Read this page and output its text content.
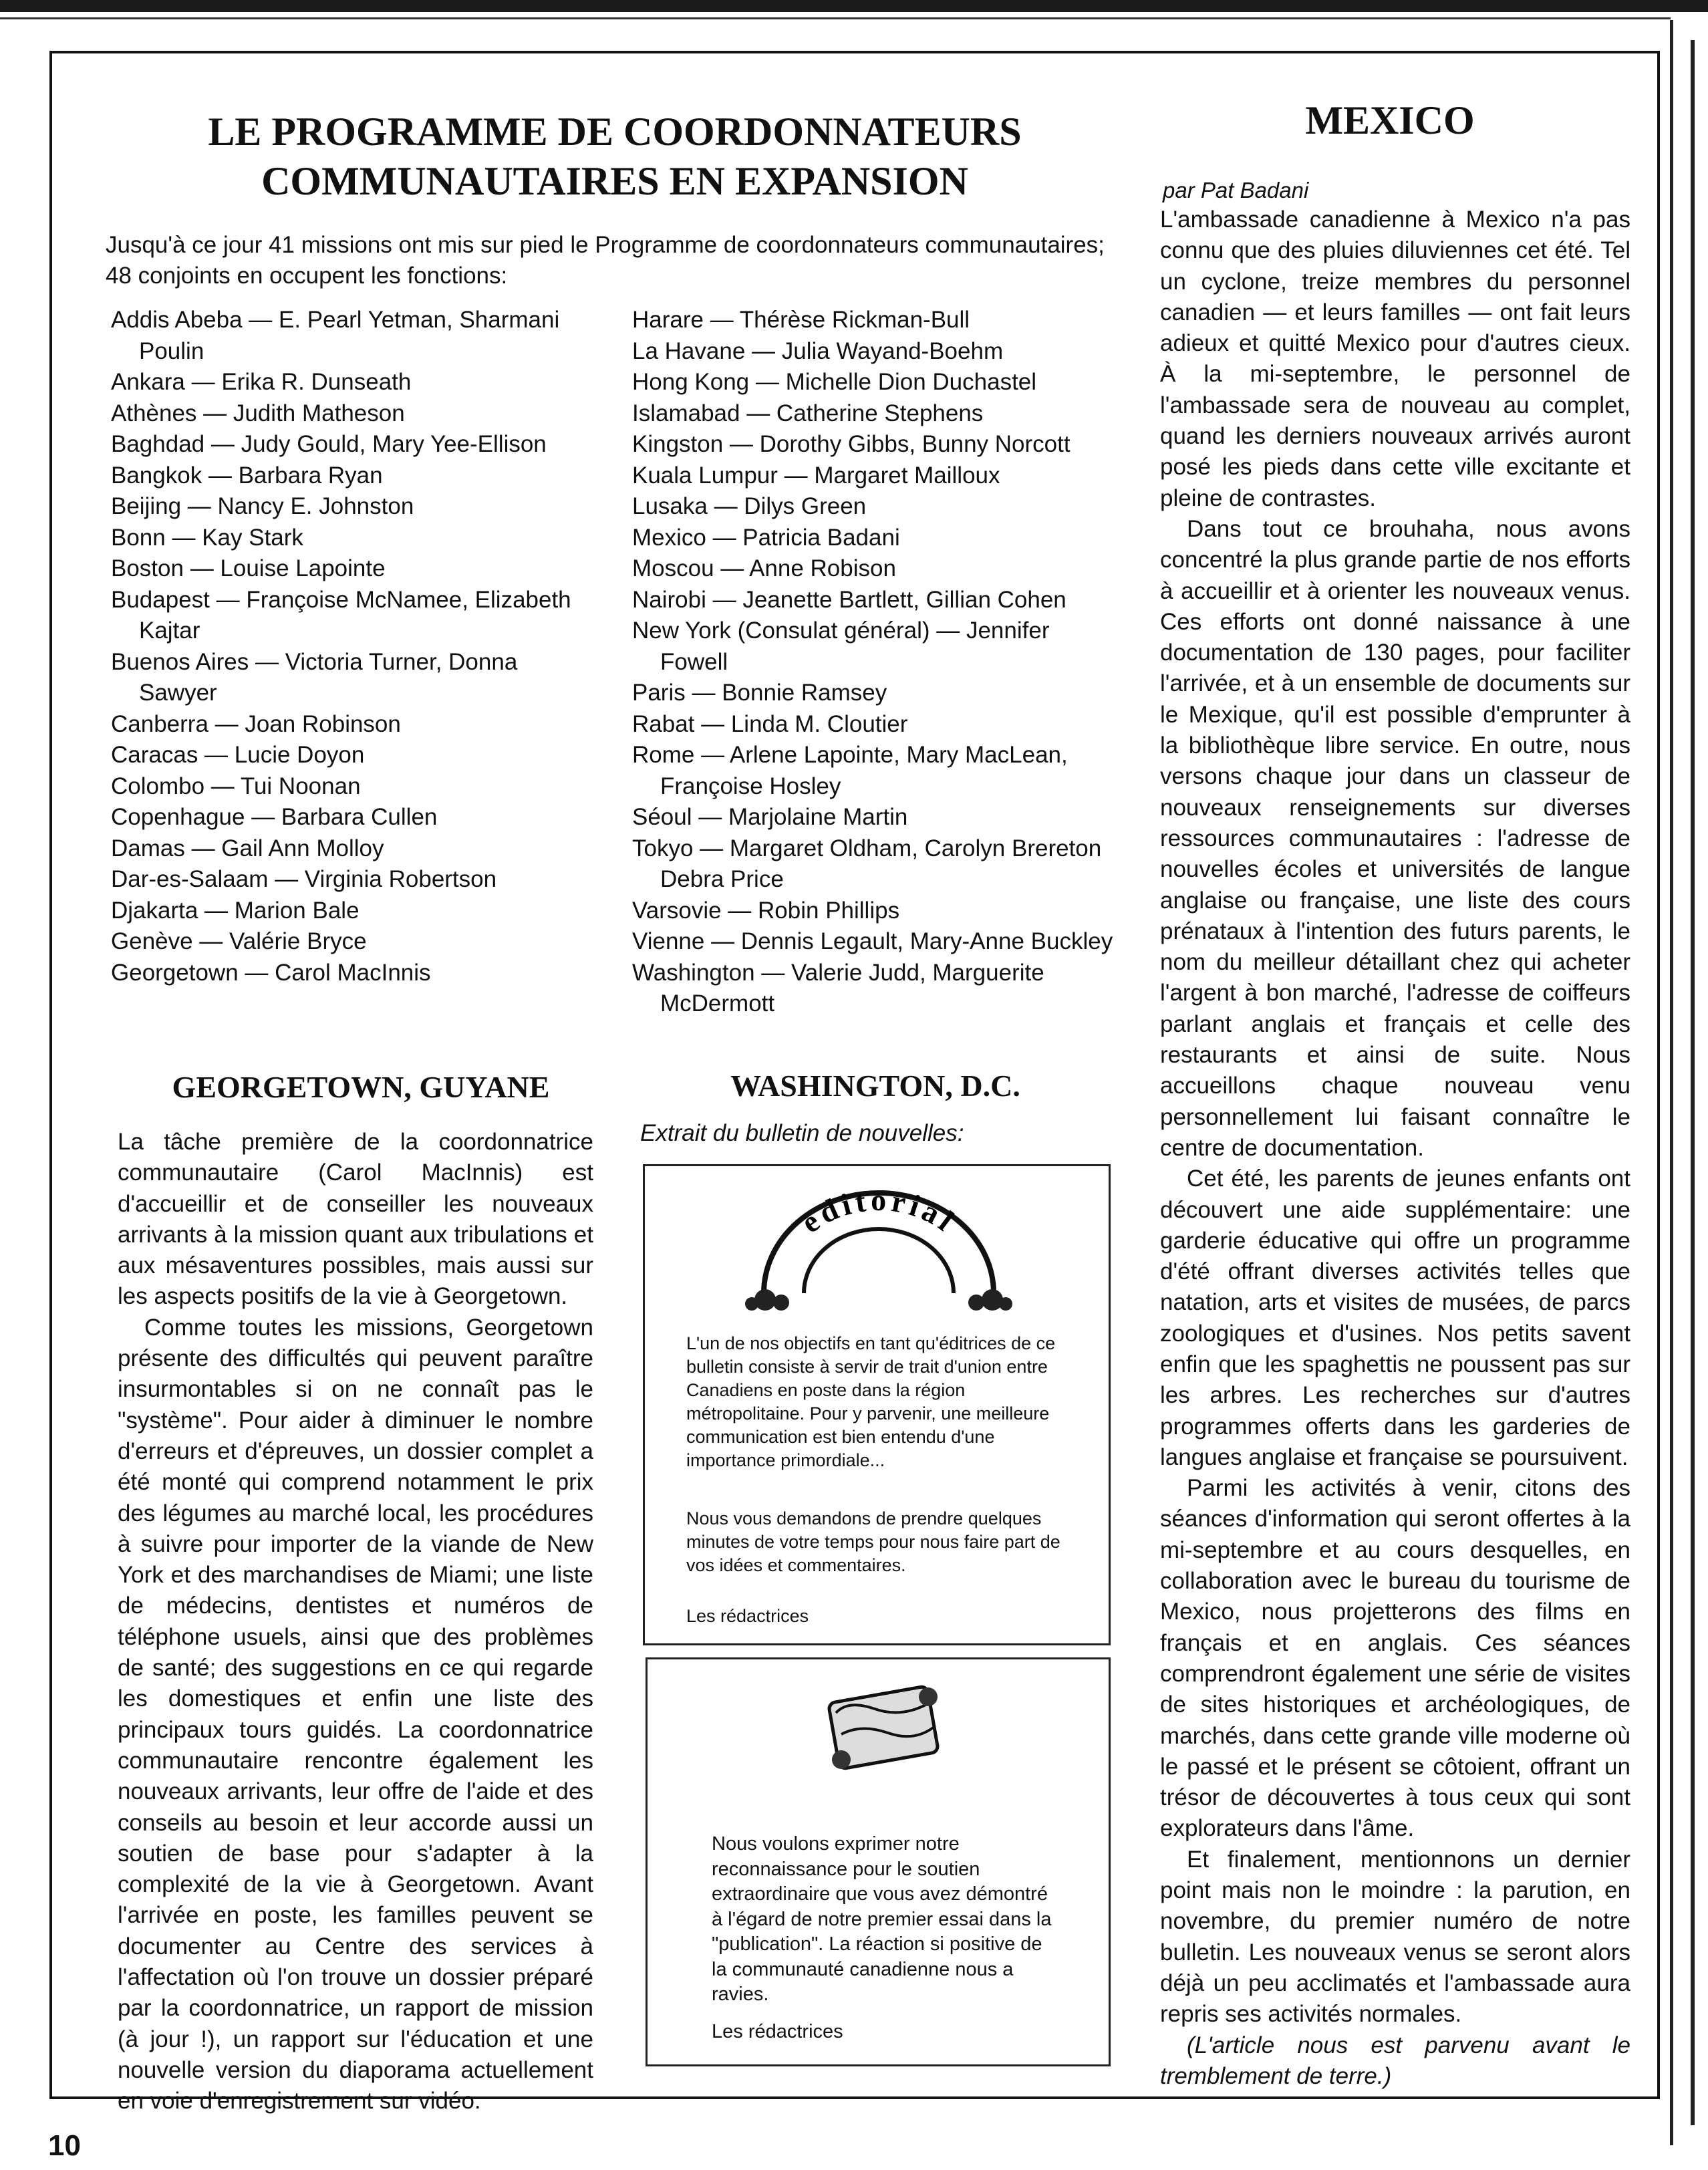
LE PROGRAMME DE COORDONNATEURS
COMMUNAUTAIRES EN EXPANSION
Jusqu'à ce jour 41 missions ont mis sur pied le Programme de coordonnateurs communautaires; 48 conjoints en occupent les fonctions:
Addis Abeba — E. Pearl Yetman, Sharmani Poulin
Ankara — Erika R. Dunseath
Athènes — Judith Matheson
Baghdad — Judy Gould, Mary Yee-Ellison
Bangkok — Barbara Ryan
Beijing — Nancy E. Johnston
Bonn — Kay Stark
Boston — Louise Lapointe
Budapest — Françoise McNamee, Elizabeth Kajtar
Buenos Aires — Victoria Turner, Donna Sawyer
Canberra — Joan Robinson
Caracas — Lucie Doyon
Colombo — Tui Noonan
Copenhague — Barbara Cullen
Damas — Gail Ann Molloy
Dar-es-Salaam — Virginia Robertson
Djakarta — Marion Bale
Genève — Valérie Bryce
Georgetown — Carol MacInnis
Harare — Thérèse Rickman-Bull
La Havane — Julia Wayand-Boehm
Hong Kong — Michelle Dion Duchastel
Islamabad — Catherine Stephens
Kingston — Dorothy Gibbs, Bunny Norcott
Kuala Lumpur — Margaret Mailloux
Lusaka — Dilys Green
Mexico — Patricia Badani
Moscou — Anne Robison
Nairobi — Jeanette Bartlett, Gillian Cohen
New York (Consulat général) — Jennifer Fowell
Paris — Bonnie Ramsey
Rabat — Linda M. Cloutier
Rome — Arlene Lapointe, Mary MacLean, Françoise Hosley
Séoul — Marjolaine Martin
Tokyo — Margaret Oldham, Carolyn Brereton Debra Price
Varsovie — Robin Phillips
Vienne — Dennis Legault, Mary-Anne Buckley
Washington — Valerie Judd, Marguerite McDermott
GEORGETOWN, GUYANE

La tâche première de la coordonnatrice communautaire (Carol MacInnis) est d'accueillir et de conseiller les nouveaux arrivants à la mission quant aux tribulations et aux mésaventures possibles, mais aussi sur les aspects positifs de la vie à Georgetown.

Comme toutes les missions, Georgetown présente des difficultés qui peuvent paraître insurmontables si on ne connaît pas le "système". Pour aider à diminuer le nombre d'erreurs et d'épreuves, un dossier complet a été monté qui comprend notamment le prix des légumes au marché local, les procédures à suivre pour importer de la viande de New York et des marchandises de Miami; une liste de médecins, dentistes et numéros de téléphone usuels, ainsi que des problèmes de santé; des suggestions en ce qui regarde les domestiques et enfin une liste des principaux tours guidés. La coordonnatrice communautaire rencontre également les nouveaux arrivants, leur offre de l'aide et des conseils au besoin et leur accorde aussi un soutien de base pour s'adapter à la complexité de la vie à Georgetown. Avant l'arrivée en poste, les familles peuvent se documenter au Centre des services à l'affectation où l'on trouve un dossier préparé par la coordonnatrice, un rapport de mission (à jour !), un rapport sur l'éducation et une nouvelle version du diaporama actuellement en voie d'enregistrement sur vidéo.

WASHINGTON, D.C.
Extrait du bulletin de nouvelles:
editorial
L'un de nos objectifs en tant qu'éditrices de ce bulletin consiste à servir de trait d'union entre Canadiens en poste dans la région métropolitaine. Pour y parvenir, une meilleure communication est bien entendu d'une importance primordiale...
Nous vous demandons de prendre quelques minutes de votre temps pour nous faire part de vos idées et commentaires.
Les rédactrices
Nous voulons exprimer notre reconnaissance pour le soutien extraordinaire que vous avez démontré à l'égard de notre premier essai dans la "publication". La réaction si positive de la communauté canadienne nous a ravies.
Les rédactrices
MEXICO
par Pat Badani

L'ambassade canadienne à Mexico n'a pas connu que des pluies diluviennes cet été. Tel un cyclone, treize membres du personnel canadien — et leurs familles — ont fait leurs adieux et quitté Mexico pour d'autres cieux. À la mi-septembre, le personnel de l'ambassade sera de nouveau au complet, quand les derniers nouveaux arrivés auront posé les pieds dans cette ville excitante et pleine de contrastes.

Dans tout ce brouhaha, nous avons concentré la plus grande partie de nos efforts à accueillir et à orienter les nouveaux venus. Ces efforts ont donné naissance à une documentation de 130 pages, pour faciliter l'arrivée, et à un ensemble de documents sur le Mexique, qu'il est possible d'emprunter à la bibliothèque libre service. En outre, nous versons chaque jour dans un classeur de nouveaux renseignements sur diverses ressources communautaires : l'adresse de nouvelles écoles et universités de langue anglaise ou française, une liste des cours prénataux à l'intention des futurs parents, le nom du meilleur détaillant chez qui acheter l'argent à bon marché, l'adresse de coiffeurs parlant anglais et français et celle des restaurants et ainsi de suite. Nous accueillons chaque nouveau venu personnellement lui faisant connaître le centre de documentation.

Cet été, les parents de jeunes enfants ont découvert une aide supplémentaire: une garderie éducative qui offre un programme d'été offrant diverses activités telles que natation, arts et visites de musées, de parcs zoologiques et d'usines. Nos petits savent enfin que les spaghettis ne poussent pas sur les arbres. Les recherches sur d'autres programmes offerts dans les garderies de langues anglaise et française se poursuivent.

Parmi les activités à venir, citons des séances d'information qui seront offertes à la mi-septembre et au cours desquelles, en collaboration avec le bureau du tourisme de Mexico, nous projetterons des films en français et en anglais. Ces séances comprendront également une série de visites de sites historiques et archéologiques, de marchés, dans cette grande ville moderne où le passé et le présent se côtoient, offrant un trésor de découvertes à tous ceux qui sont explorateurs dans l'âme.

Et finalement, mentionnons un dernier point mais non le moindre : la parution, en novembre, du premier numéro de notre bulletin. Les nouveaux venus se seront alors déjà un peu acclimatés et l'ambassade aura repris ses activités normales.

(L'article nous est parvenu avant le tremblement de terre.)

10
